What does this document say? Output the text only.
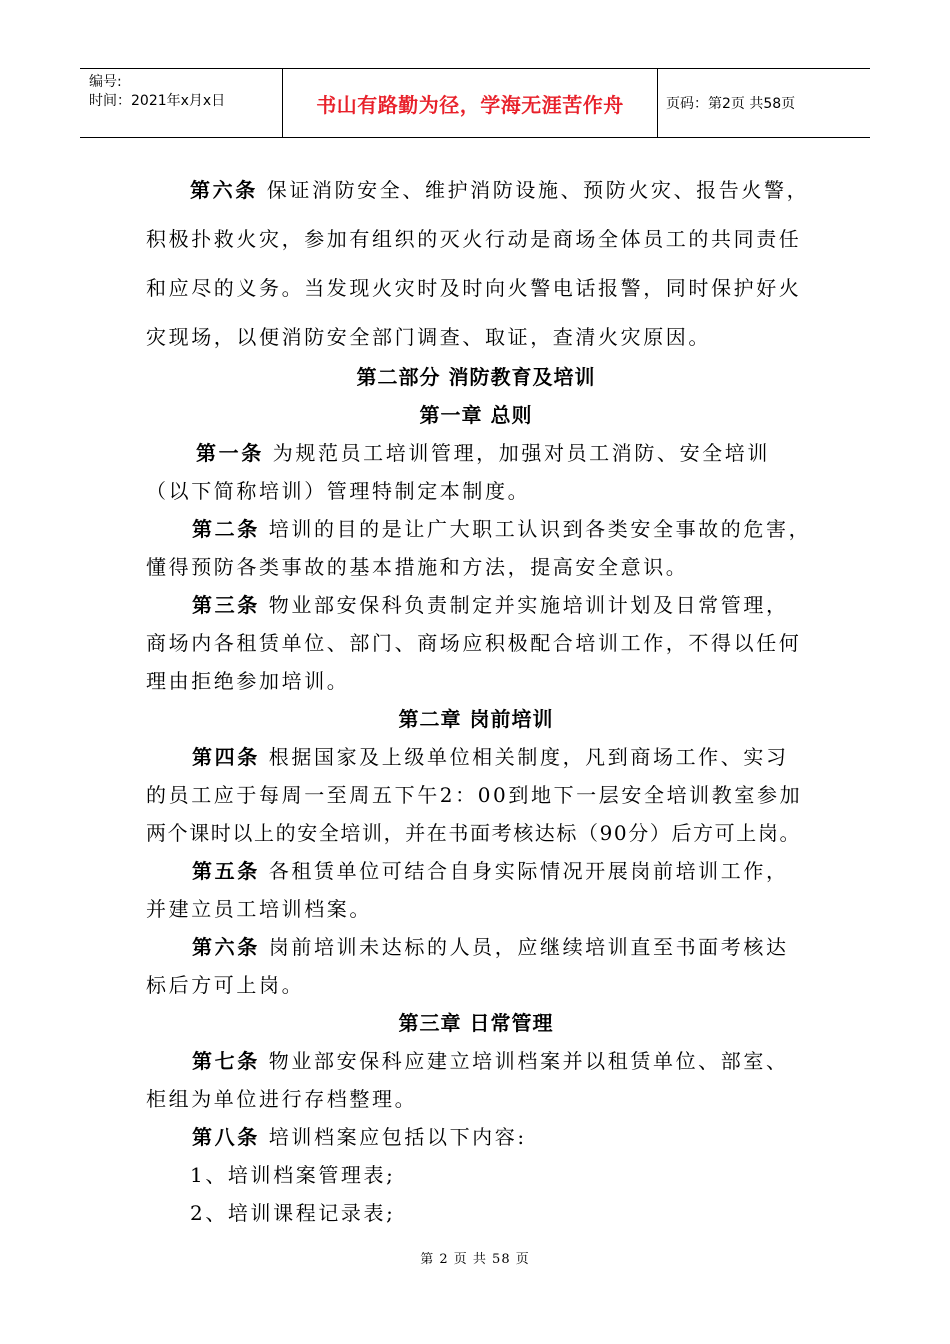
编号:
时间：2021年x月x日	书山有路勤为径，学海无涯苦作舟	页码：第2页 共58页
第六条 保证消防安全、维护消防设施、预防火灾、报告火警，
积极扑救火灾，参加有组织的灭火行动是商场全体员工的共同责任
和应尽的义务。当发现火灾时及时向火警电话报警，同时保护好火
灾现场，以便消防安全部门调查、取证，查清火灾原因。
第二部分 消防教育及培训
第一章 总则
第一条 为规范员工培训管理，加强对员工消防、安全培训
（以下简称培训）管理特制定本制度。
第二条 培训的目的是让广大职工认识到各类安全事故的危害，
懂得预防各类事故的基本措施和方法，提高安全意识。
第三条 物业部安保科负责制定并实施培训计划及日常管理，
商场内各租赁单位、部门、商场应积极配合培训工作，不得以任何
理由拒绝参加培训。
第二章 岗前培训
第四条 根据国家及上级单位相关制度，凡到商场工作、实习
的员工应于每周一至周五下午2：00到地下一层安全培训教室参加
两个课时以上的安全培训，并在书面考核达标（90分）后方可上岗。
第五条 各租赁单位可结合自身实际情况开展岗前培训工作，
并建立员工培训档案。
第六条 岗前培训未达标的人员，应继续培训直至书面考核达
标后方可上岗。
第三章 日常管理
第七条 物业部安保科应建立培训档案并以租赁单位、部室、
柜组为单位进行存档整理。
第八条 培训档案应包括以下内容:
1、培训档案管理表;
2、培训课程记录表;
第 2 页 共 58 页
